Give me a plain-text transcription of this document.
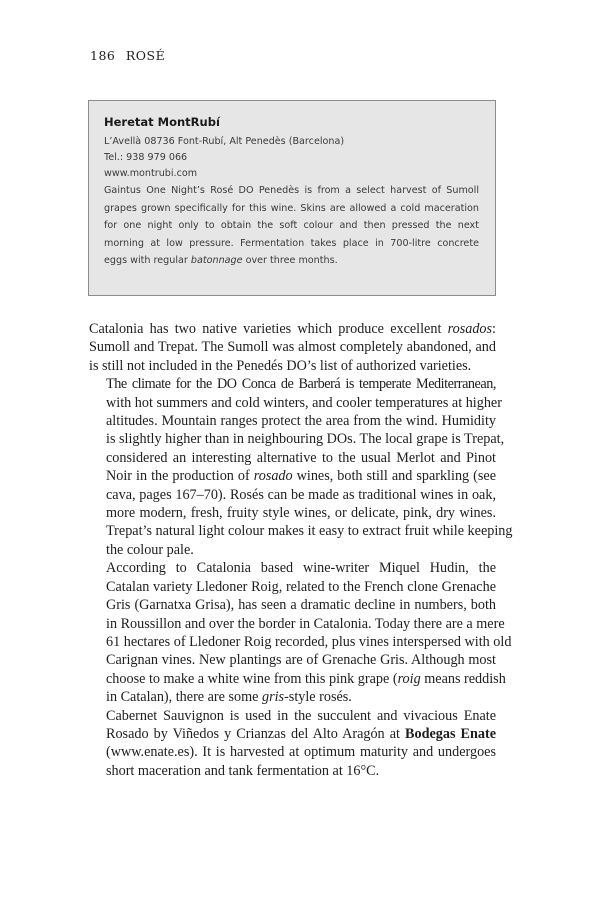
186 ROSÉ
Heretat MontRubí
L’Avellà 08736 Font-Rubí, Alt Penedès (Barcelona)
Tel.: 938 979 066
www.montrubi.com
Gaintus One Night’s Rosé DO Penedès is from a select harvest of Sumoll
grapes grown specifically for this wine. Skins are allowed a cold maceration
for one night only to obtain the soft colour and then pressed the next
morning at low pressure. Fermentation takes place in 700-litre concrete
eggs with regular batonnage over three months.

Catalonia has two native varieties which produce excellent rosados:
Sumoll and Trepat. The Sumoll was almost completely abandoned, and
is still not included in the Penedés DO’s list of authorized varieties.

The climate for the DO Conca de Barberá is temperate Mediterranean,
with hot summers and cold winters, and cooler temperatures at higher
altitudes. Mountain ranges protect the area from the wind. Humidity
is slightly higher than in neighbouring DOs. The local grape is Trepat,
considered an interesting alternative to the usual Merlot and Pinot
Noir in the production of rosado wines, both still and sparkling (see
cava, pages 167–70). Rosés can be made as traditional wines in oak,
more modern, fresh, fruity style wines, or delicate, pink, dry wines.
Trepat’s natural light colour makes it easy to extract fruit while keeping
the colour pale.

According to Catalonia based wine-writer Miquel Hudin, the
Catalan variety Lledoner Roig, related to the French clone Grenache
Gris (Garnatxa Grisa), has seen a dramatic decline in numbers, both
in Roussillon and over the border in Catalonia. Today there are a mere
61 hectares of Lledoner Roig recorded, plus vines interspersed with old
Carignan vines. New plantings are of Grenache Gris. Although most
choose to make a white wine from this pink grape (roig means reddish
in Catalan), there are some gris-style rosés.

Cabernet Sauvignon is used in the succulent and vivacious Enate
Rosado by Viñedos y Crianzas del Alto Aragón at Bodegas Enate
(www.enate.es). It is harvested at optimum maturity and undergoes
short maceration and tank fermentation at 16°C.
